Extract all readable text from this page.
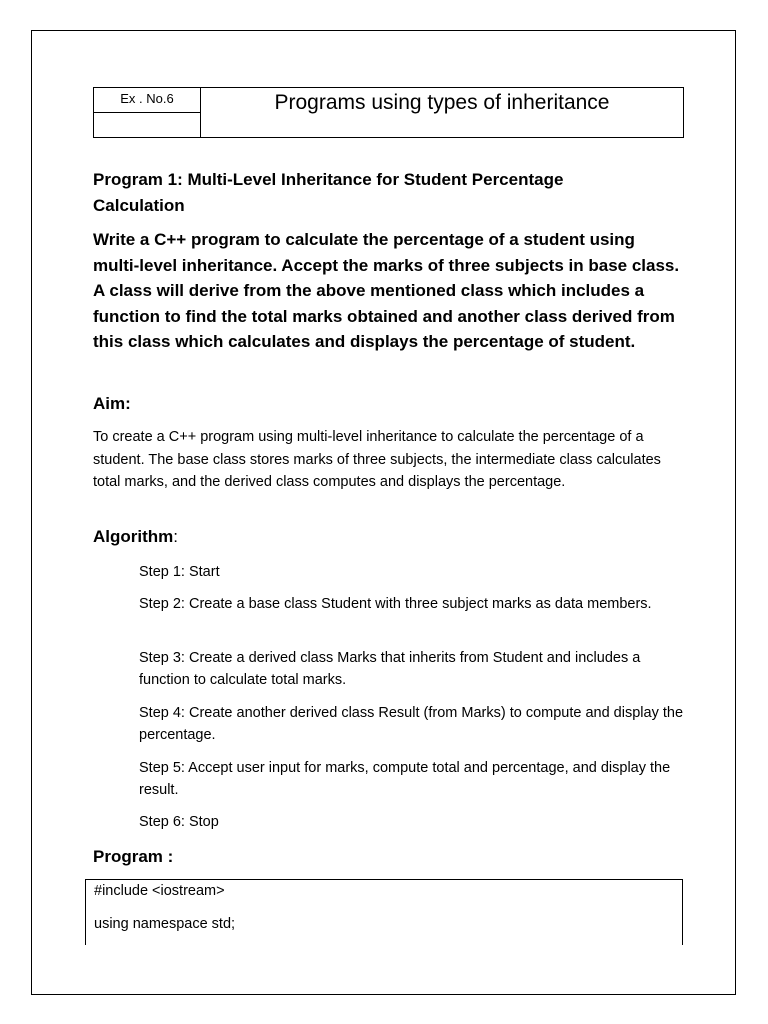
Ex . No.6	Programs using types of inheritance
Program 1: Multi-Level Inheritance for Student Percentage Calculation
Write a C++ program to calculate the percentage of a student using multi-level inheritance. Accept the marks of three subjects in base class. A class will derive from the above mentioned class which includes a function to find the total marks obtained and another class derived from this class which calculates and displays the percentage of student.
Aim:
To create a C++ program using multi-level inheritance to calculate the percentage of a student. The base class stores marks of three subjects, the intermediate class calculates total marks, and the derived class computes and displays the percentage.
Algorithm:
Step 1: Start
Step 2: Create a base class Student with three subject marks as data members.
Step 3: Create a derived class Marks that inherits from Student and includes a function to calculate total marks.
Step 4: Create another derived class Result (from Marks) to compute and display the percentage.
Step 5: Accept user input for marks, compute total and percentage, and display the result.
Step 6: Stop
Program :
#include <iostream>
using namespace std;
